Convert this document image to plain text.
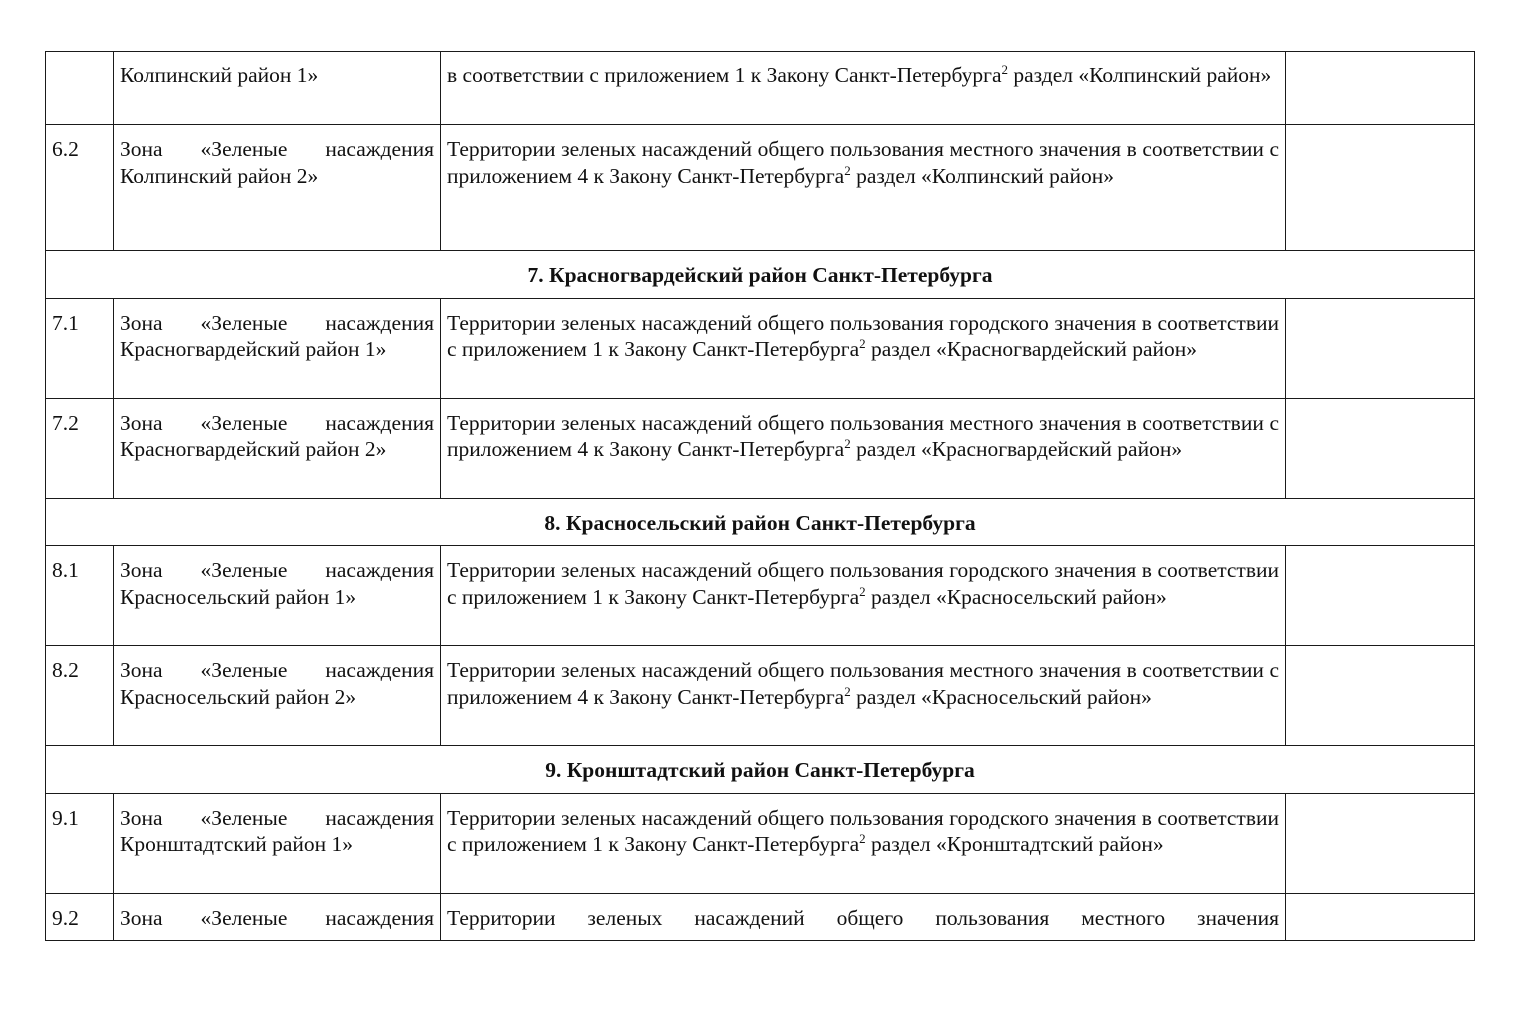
	Колпинский район 1»	в соответствии с приложением 1 к Закону Санкт-Петербурга$^2$ раздел «Колпинский район»	
6.2	Зона «Зеленые насаждения Колпинский район 2»	Территории зеленых насаждений общего пользования местного значения в соответствии с приложением 4 к Закону Санкт-Петербурга$^2$ раздел «Колпинский район»	
7. Красногвардейский район Санкт-Петербурга			
7.1	Зона «Зеленые насаждения Красногвардейский район 1»	Территории зеленых насаждений общего пользования городского значения в соответствии с приложением 1 к Закону Санкт-Петербурга$^2$ раздел «Красногвардейский район»	
7.2	Зона «Зеленые насаждения Красногвардейский район 2»	Территории зеленых насаждений общего пользования местного значения в соответствии с приложением 4 к Закону Санкт-Петербурга$^2$ раздел «Красногвардейский район»	
8. Красносельский район Санкт-Петербурга			
8.1	Зона «Зеленые насаждения Красносельский район 1»	Территории зеленых насаждений общего пользования городского значения в соответствии с приложением 1 к Закону Санкт-Петербурга$^2$ раздел «Красносельский район»	
8.2	Зона «Зеленые насаждения Красносельский район 2»	Территории зеленых насаждений общего пользования местного значения в соответствии с приложением 4 к Закону Санкт-Петербурга$^2$ раздел «Красносельский район»	
9. Кронштадтский район Санкт-Петербурга			
9.1	Зона «Зеленые насаждения Кронштадтский район 1»	Территории зеленых насаждений общего пользования городского значения в соответствии с приложением 1 к Закону Санкт-Петербурга$^2$ раздел «Кронштадтский район»	
9.2	Зона «Зеленые насаждения	Территории зеленых насаждений общего пользования местного значения	
